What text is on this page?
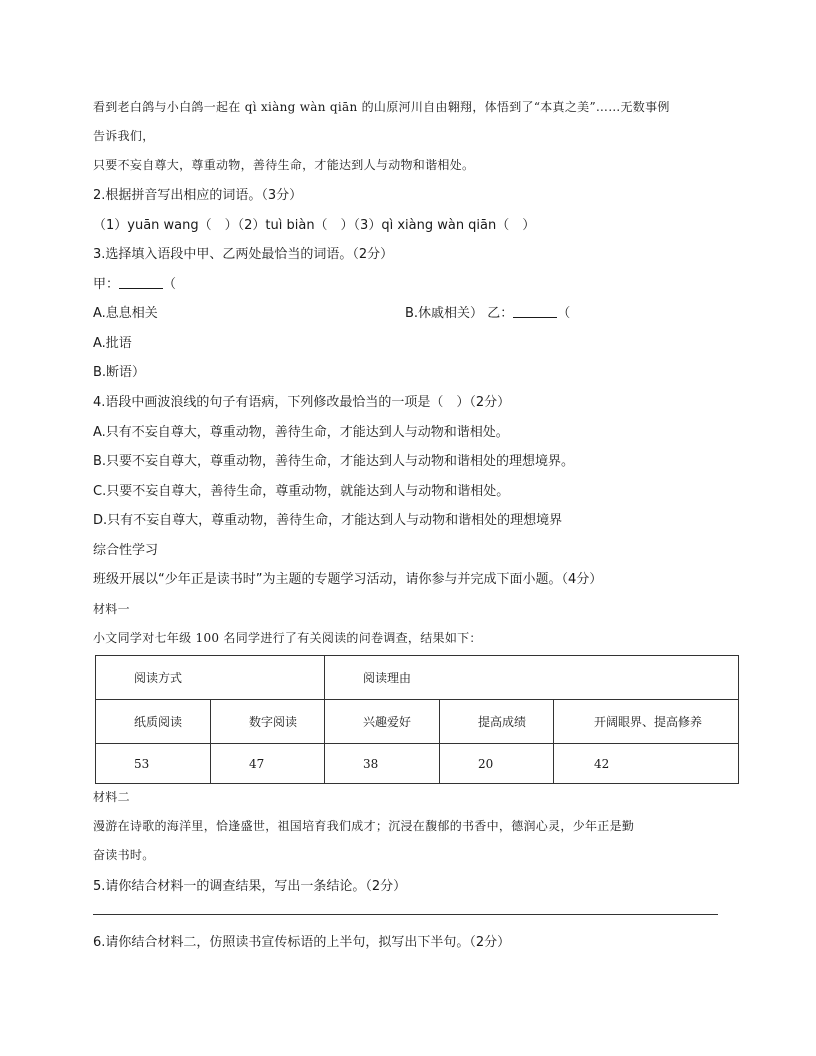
看到老白鸽与小白鸽一起在 qì xiàng wàn qiān 的山原河川自由翱翔，体悟到了“本真之美”……无数事例
告诉我们，
只要不妄自尊大，尊重动物，善待生命，才能达到人与动物和谐相处。
2.根据拼音写出相应的词语。（3分）
（1）yuān wang（　）（2）tuì biàn（　）（3）qì xiàng wàn qiān（　）
3.选择填入语段中甲、乙两处最恰当的词语。（2分）
甲：	（
A.息息相关	B.休戚相关） 乙：	（
A.批语
B.断语）
4.语段中画波浪线的句子有语病，下列修改最恰当的一项是（　）（2分）
A.只有不妄自尊大，尊重动物，善待生命，才能达到人与动物和谐相处。
B.只要不妄自尊大，尊重动物，善待生命，才能达到人与动物和谐相处的理想境界。
C.只要不妄自尊大，善待生命，尊重动物，就能达到人与动物和谐相处。
D.只有不妄自尊大，尊重动物，善待生命，才能达到人与动物和谐相处的理想境界
综合性学习
班级开展以“少年正是读书时”为主题的专题学习活动，请你参与并完成下面小题。（4分）
材料一
小文同学对七年级 100 名同学进行了有关阅读的问卷调查，结果如下：
阅读方式		阅读理由		
纸质阅读	数字阅读	兴趣爱好	提高成绩	开阔眼界、提高修养
53	47	38	20	42
材料二
漫游在诗歌的海洋里，恰逢盛世，祖国培育我们成才；沉浸在馥郁的书香中，德润心灵，少年正是勤
奋读书时。
5.请你结合材料一的调查结果，写出一条结论。（2分）
6.请你结合材料二，仿照读书宣传标语的上半句，拟写出下半句。（2分）
